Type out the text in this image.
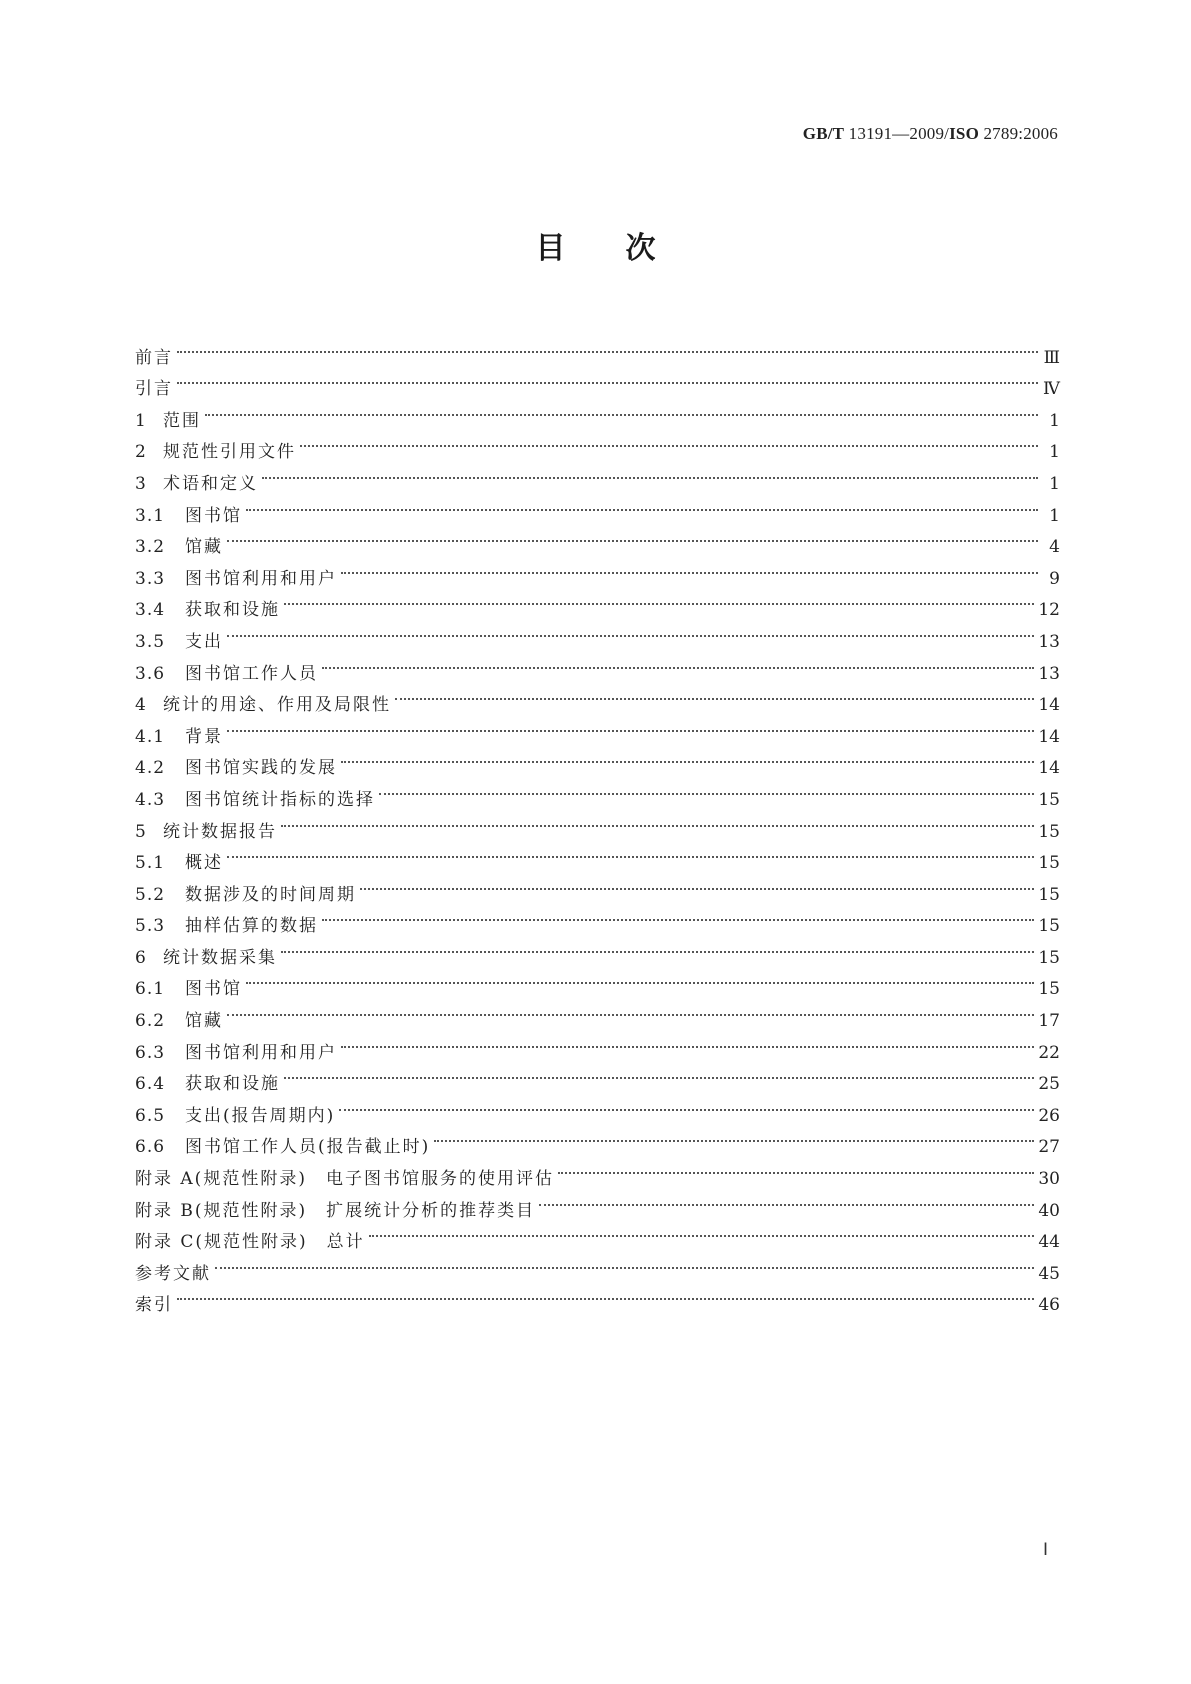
GB/T 13191—2009/ISO 2789:2006
目次
前言	Ⅲ
引言	Ⅳ
1 范围	1
2 规范性引用文件	1
3 术语和定义	1
3.1 图书馆	1
3.2 馆藏	4
3.3 图书馆利用和用户	9
3.4 获取和设施	12
3.5 支出	13
3.6 图书馆工作人员	13
4 统计的用途、作用及局限性	14
4.1 背景	14
4.2 图书馆实践的发展	14
4.3 图书馆统计指标的选择	15
5 统计数据报告	15
5.1 概述	15
5.2 数据涉及的时间周期	15
5.3 抽样估算的数据	15
6 统计数据采集	15
6.1 图书馆	15
6.2 馆藏	17
6.3 图书馆利用和用户	22
6.4 获取和设施	25
6.5 支出(报告周期内)	26
6.6 图书馆工作人员(报告截止时)	27
附录 A(规范性附录)　电子图书馆服务的使用评估	30
附录 B(规范性附录)　扩展统计分析的推荐类目	40
附录 C(规范性附录)　总计	44
参考文献	45
索引	46
Ⅰ
